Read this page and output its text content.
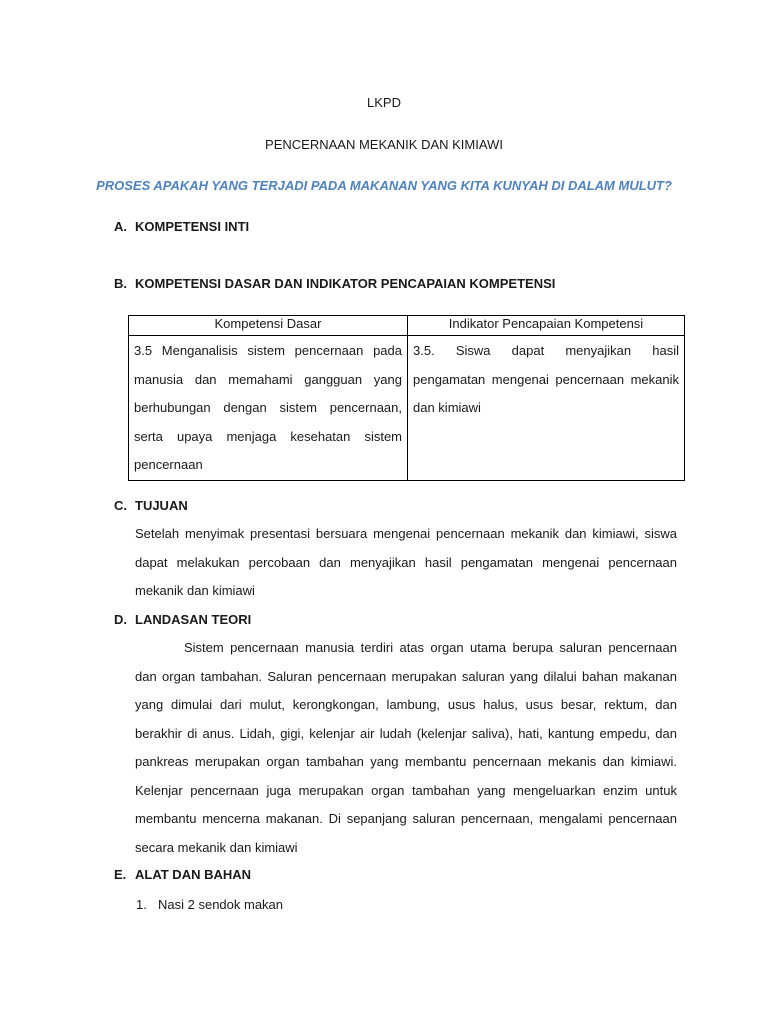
LKPD
PENCERNAAN MEKANIK DAN KIMIAWI
PROSES APAKAH YANG TERJADI PADA MAKANAN YANG KITA KUNYAH DI DALAM MULUT?
A. KOMPETENSI INTI
B. KOMPETENSI DASAR DAN INDIKATOR PENCAPAIAN KOMPETENSI
Kompetensi Dasar	Indikator Pencapaian Kompetensi
3.5 Menganalisis sistem pencernaan pada manusia dan memahami gangguan yang berhubungan dengan sistem pencernaan, serta upaya menjaga kesehatan sistem pencernaan	3.5. Siswa dapat menyajikan hasil pengamatan mengenai pencernaan mekanik dan kimiawi
C. TUJUAN
Setelah menyimak presentasi bersuara mengenai pencernaan mekanik dan kimiawi, siswa dapat melakukan percobaan dan menyajikan hasil pengamatan mengenai pencernaan mekanik dan kimiawi
D. LANDASAN TEORI
Sistem pencernaan manusia terdiri atas organ utama berupa saluran pencernaan dan organ tambahan. Saluran pencernaan merupakan saluran yang dilalui bahan makanan yang dimulai dari mulut, kerongkongan, lambung, usus halus, usus besar, rektum, dan berakhir di anus. Lidah, gigi, kelenjar air ludah (kelenjar saliva), hati, kantung empedu, dan pankreas merupakan organ tambahan yang membantu pencernaan mekanis dan kimiawi. Kelenjar pencernaan juga merupakan organ tambahan yang mengeluarkan enzim untuk membantu mencerna makanan. Di sepanjang saluran pencernaan, mengalami pencernaan secara mekanik dan kimiawi
E. ALAT DAN BAHAN
1. Nasi 2 sendok makan
